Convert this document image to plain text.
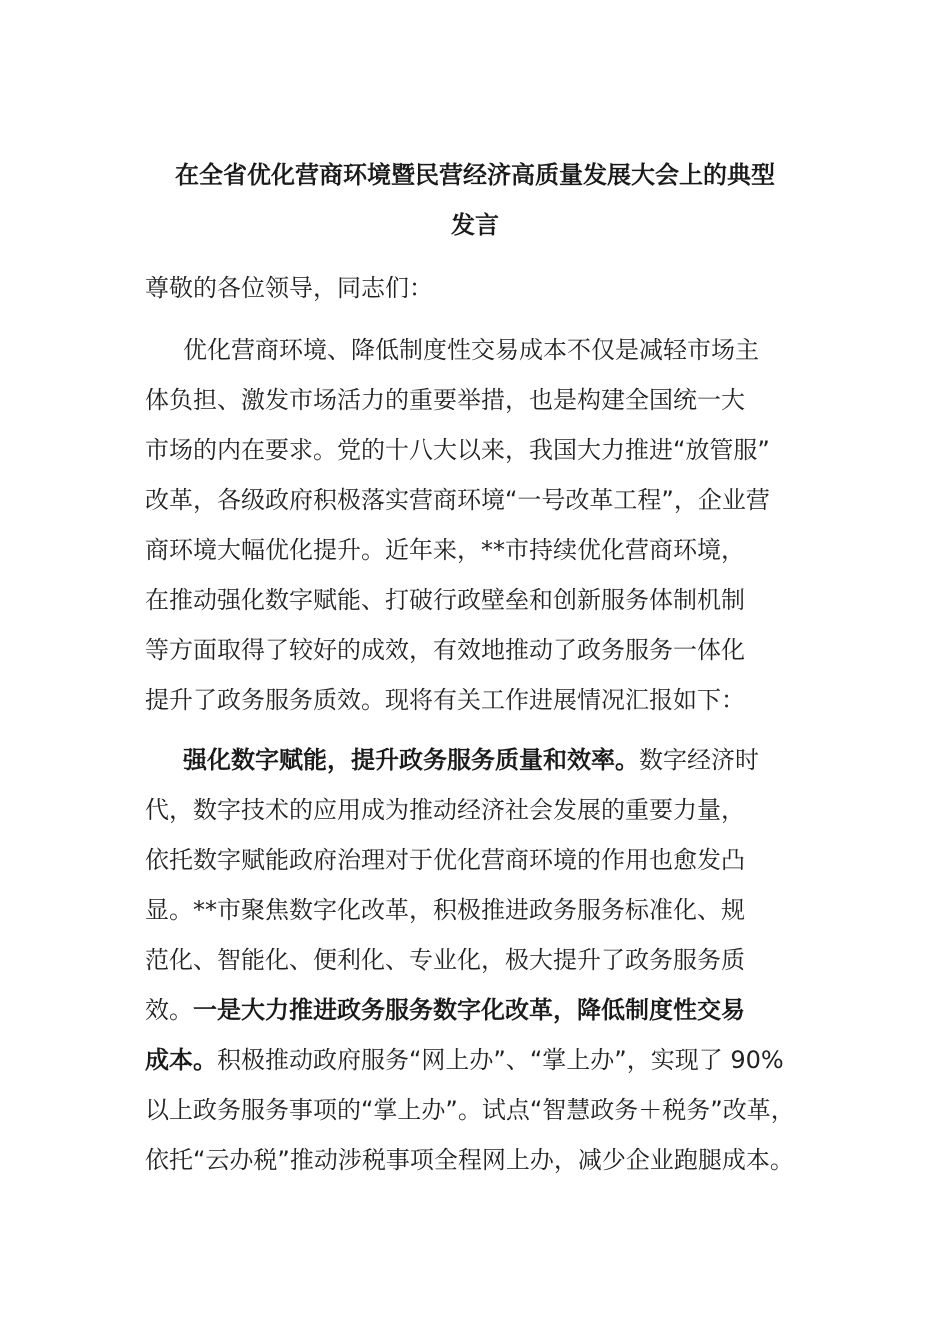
在全省优化营商环境暨民营经济高质量发展大会上的典型
发言
尊敬的各位领导，同志们：
优化营商环境、降低制度性交易成本不仅是减轻市场主
体负担、激发市场活力的重要举措，也是构建全国统一大
市场的内在要求。党的十八大以来，我国大力推进“放管服”
改革，各级政府积极落实营商环境“一号改革工程”，企业营
商环境大幅优化提升。近年来，**市持续优化营商环境，
在推动强化数字赋能、打破行政壁垒和创新服务体制机制
等方面取得了较好的成效，有效地推动了政务服务一体化
提升了政务服务质效。现将有关工作进展情况汇报如下：
强化数字赋能，提升政务服务质量和效率。数字经济时
代，数字技术的应用成为推动经济社会发展的重要力量，
依托数字赋能政府治理对于优化营商环境的作用也愈发凸
显。**市聚焦数字化改革，积极推进政务服务标准化、规
范化、智能化、便利化、专业化，极大提升了政务服务质
效。一是大力推进政务服务数字化改革，降低制度性交易
成本。积极推动政府服务“网上办”、“掌上办”，实现了 90%
以上政务服务事项的“掌上办”。试点“智慧政务＋税务”改革，
依托“云办税”推动涉税事项全程网上办，减少企业跑腿成本。
